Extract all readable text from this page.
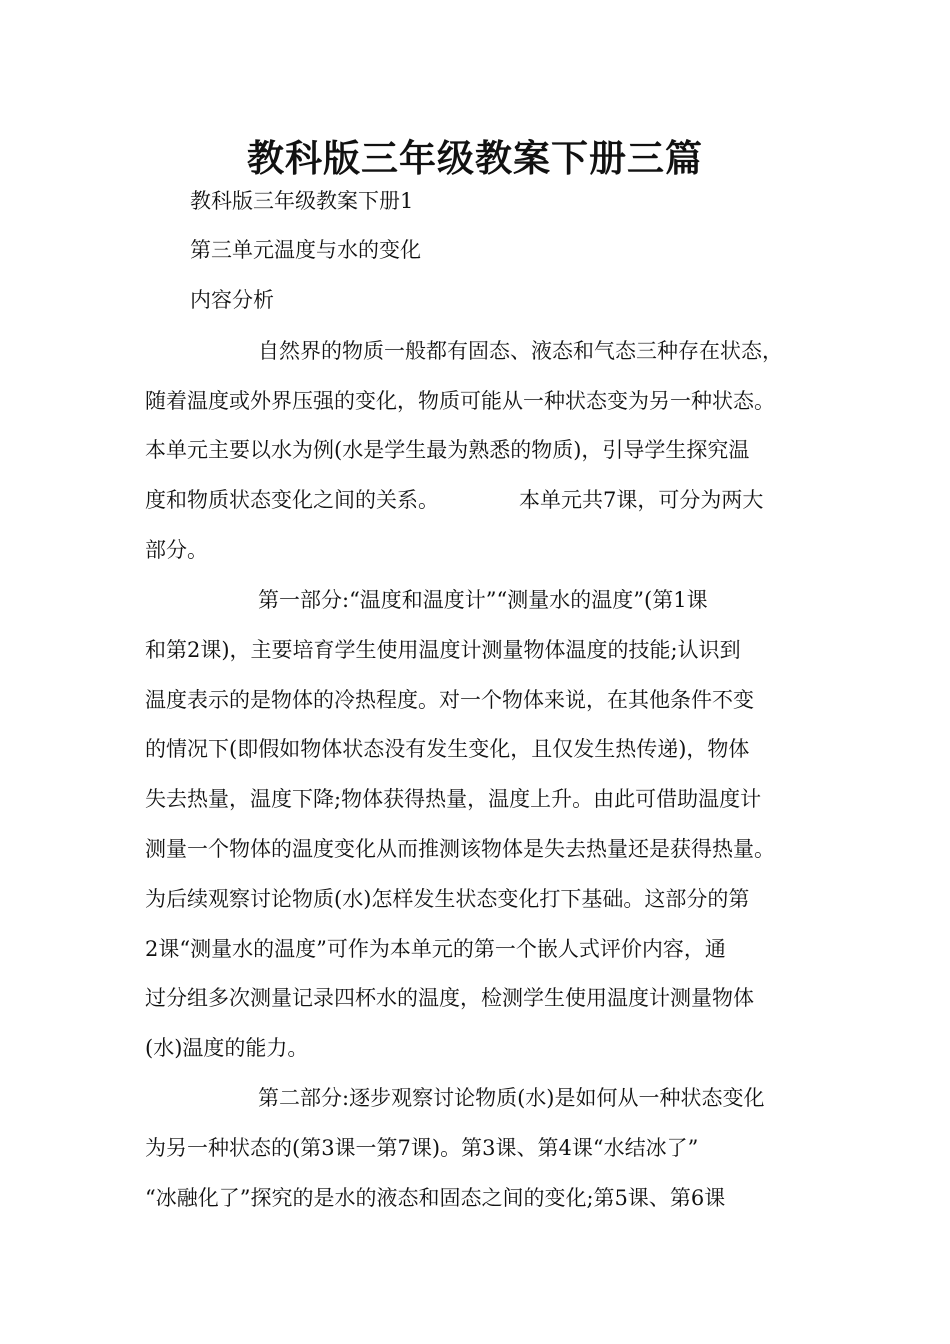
教科版三年级教案下册三篇

教科版三年级教案下册1

第三单元温度与水的变化

内容分析

自然界的物质一般都有固态、液态和气态三种存在状态，

随着温度或外界压强的变化，物质可能从一种状态变为另一种状态。

本单元主要以水为例(水是学生最为熟悉的物质)，引导学生探究温

度和物质状态变化之间的关系。	本单元共7课，可分为两大

部分。

第一部分:“温度和温度计”“测量水的温度”(第1课

和第2课)，主要培育学生使用温度计测量物体温度的技能;认识到

温度表示的是物体的冷热程度。对一个物体来说，在其他条件不变

的情况下(即假如物体状态没有发生变化，且仅发生热传递)，物体

失去热量，温度下降;物体获得热量，温度上升。由此可借助温度计

测量一个物体的温度变化从而推测该物体是失去热量还是获得热量。

为后续观察讨论物质(水)怎样发生状态变化打下基础。这部分的第

2课“测量水的温度”可作为本单元的第一个嵌人式评价内容，通

过分组多次测量记录四杯水的温度，检测学生使用温度计测量物体

(水)温度的能力。

第二部分:逐步观察讨论物质(水)是如何从一种状态变化

为另一种状态的(第3课一第7课)。第3课、第4课“水结冰了”

“冰融化了”探究的是水的液态和固态之间的变化;第5课、第6课
